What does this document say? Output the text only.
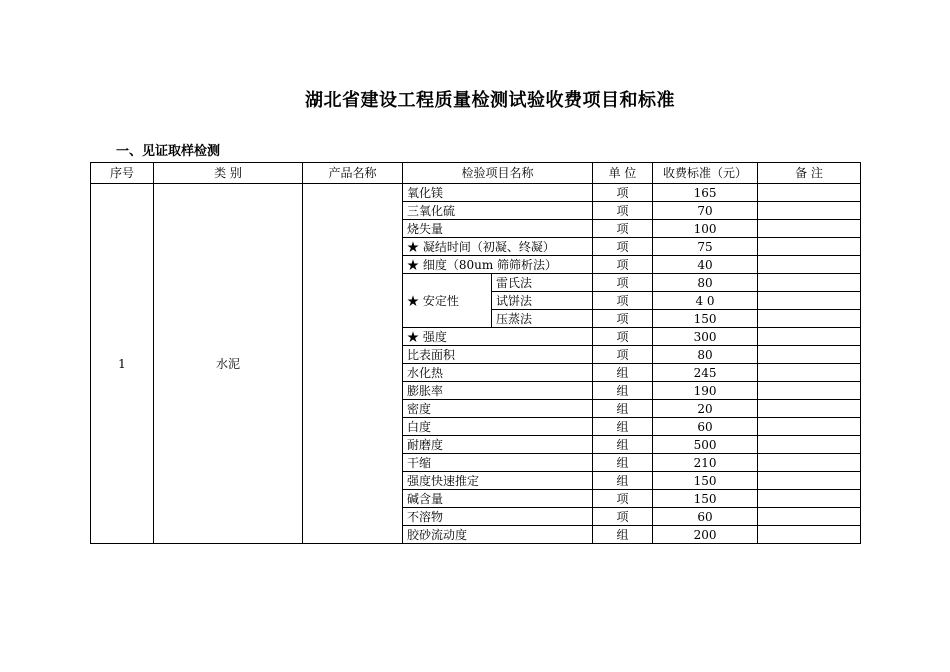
湖北省建设工程质量检测试验收费项目和标准
一、见证取样检测
序号	类 别	产品名称	检验项目名称		单 位	收费标准（元）	备 注
1	水泥		氧化镁		项	165	
			三氧化硫		项	70	
			烧失量		项	100	
			★ 凝结时间（初凝、终凝）		项	75	
			★ 细度（80um 筛筛析法）		项	40	
			★ 安定性	雷氏法	项	80	
				试饼法	项	4 0	
				压蒸法	项	150	
			★ 强度		项	300	
			比表面积		项	80	
			水化热		组	245	
			膨胀率		组	190	
			密度		组	20	
			白度		组	60	
			耐磨度		组	500	
			干缩		组	210	
			强度快速推定		组	150	
			碱含量		项	150	
			不溶物		项	60	
			胶砂流动度		组	200	
